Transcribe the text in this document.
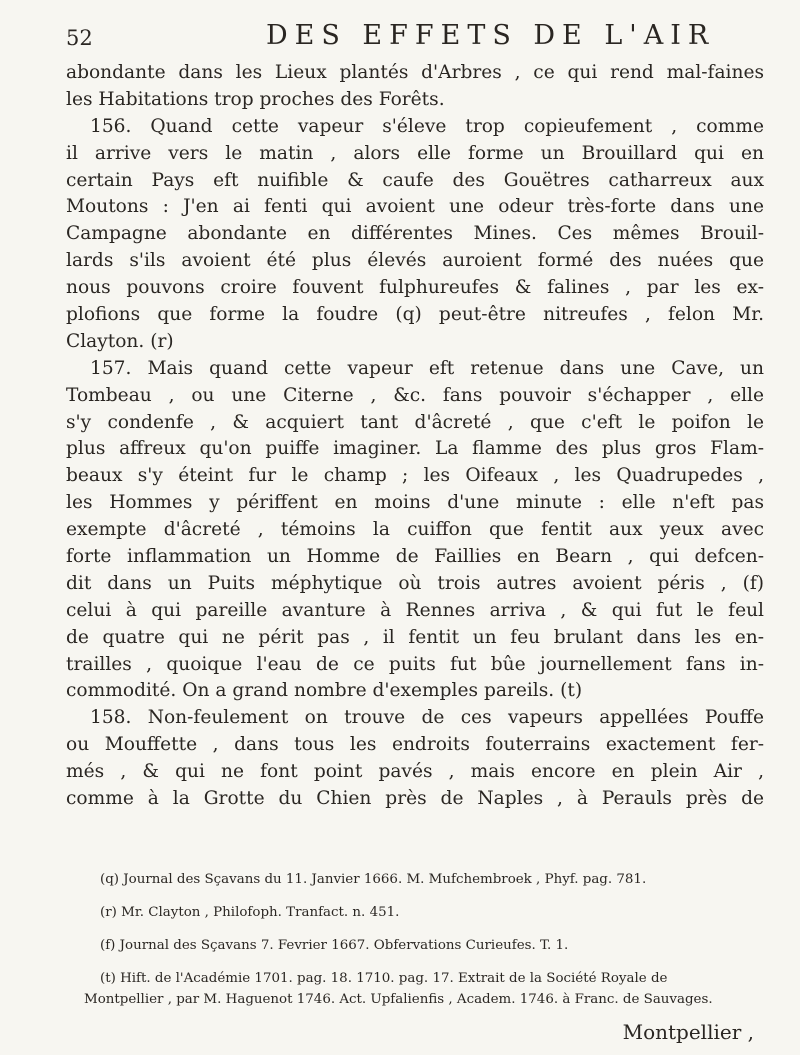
52	DES EFFETS DE L'AIR
abondante dans les Lieux plantés d'Arbres , ce qui rend mal-faines
les Habitations trop proches des Forêts.
156. Quand cette vapeur s'éleve trop copieufement , comme
il arrive vers le matin , alors elle forme un Brouillard qui en
certain Pays eft nuifible & caufe des Gouëtres catharreux aux
Moutons : J'en ai fenti qui avoient une odeur très-forte dans une
Campagne abondante en différentes Mines. Ces mêmes Brouil-
lards s'ils avoient été plus élevés auroient formé des nuées que
nous pouvons croire fouvent fulphureufes & falines , par les ex-
plofions que forme la foudre (q) peut-être nitreufes , felon Mr.
Clayton. (r)
157. Mais quand cette vapeur eft retenue dans une Cave, un
Tombeau , ou une Citerne , &c. fans pouvoir s'échapper , elle
s'y condenfe , & acquiert tant d'âcreté , que c'eft le poifon le
plus affreux qu'on puiffe imaginer. La flamme des plus gros Flam-
beaux s'y éteint fur le champ ; les Oifeaux , les Quadrupedes ,
les Hommes y périffent en moins d'une minute : elle n'eft pas
exempte d'âcreté , témoins la cuiffon que fentit aux yeux avec
forte inflammation un Homme de Faillies en Bearn , qui defcen-
dit dans un Puits méphytique où trois autres avoient péris , (f)
celui à qui pareille avanture à Rennes arriva , & qui fut le feul
de quatre qui ne périt pas , il fentit un feu brulant dans les en-
trailles , quoique l'eau de ce puits fut bûe journellement fans in-
commodité. On a grand nombre d'exemples pareils. (t)
158. Non-feulement on trouve de ces vapeurs appellées Pouffe
ou Mouffette , dans tous les endroits fouterrains exactement fer-
més , & qui ne font point pavés , mais encore en plein Air ,
comme à la Grotte du Chien près de Naples , à Perauls près de
(q) Journal des Sçavans du 11. Janvier 1666. M. Mufchembroek , Phyf. pag. 781.
(r) Mr. Clayton , Philofoph. Tranfact. n. 451.
(f) Journal des Sçavans 7. Fevrier 1667. Obfervations Curieufes. T. 1.
(t) Hift. de l'Académie 1701. pag. 18. 1710. pag. 17. Extrait de la Société Royale de
Montpellier , par M. Haguenot 1746. Act. Upfalienfis , Academ. 1746. à Franc. de Sauvages.
Montpellier ,
